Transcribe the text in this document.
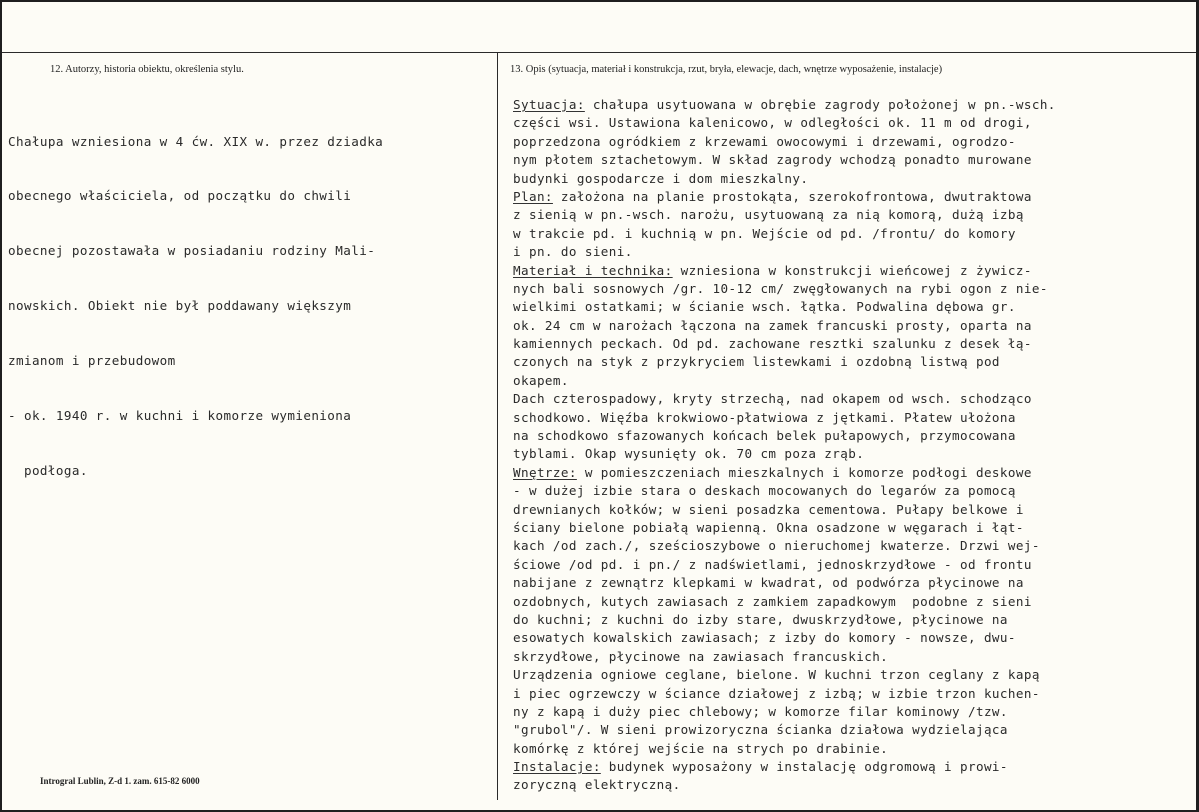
12. Autorzy, historia obiektu, określenia stylu.	13. Opis (sytuacja, materiał i konstrukcja, rzut, bryła, elewacje, dach, wnętrze wyposażenie, instalacje)

Chałupa wzniesiona w 4 ćw. XIX w. przez dziadka

obecnego właściciela, od początku do chwili

obecnej pozostawała w posiadaniu rodziny Mali-

nowskich. Obiekt nie był poddawany większym

zmianom i przebudowom

- ok. 1940 r. w kuchni i komorze wymieniona

podłoga.

Sytuacja: chałupa usytuowana w obrębie zagrody położonej w pn.-wsch.
części wsi. Ustawiona kalenicowo, w odległości ok. 11 m od drogi,
poprzedzona ogródkiem z krzewami owocowymi i drzewami, ogrodzo-
nym płotem sztachetowym. W skład zagrody wchodzą ponadto murowane
budynki gospodarcze i dom mieszkalny.
Plan: założona na planie prostokąta, szerokofrontowa, dwutraktowa
z sienią w pn.-wsch. narożu, usytuowaną za nią komorą, dużą izbą
w trakcie pd. i kuchnią w pn. Wejście od pd. /frontu/ do komory
i pn. do sieni.
Materiał i technika: wzniesiona w konstrukcji wieńcowej z żywicz-
nych bali sosnowych /gr. 10-12 cm/ zwęgłowanych na rybi ogon z nie-
wielkimi ostatkami; w ścianie wsch. łątka. Podwalina dębowa gr.
ok. 24 cm w narożach łączona na zamek francuski prosty, oparta na
kamiennych peckach. Od pd. zachowane resztki szalunku z desek łą-
czonych na styk z przykryciem listewkami i ozdobną listwą pod
okapem.
Dach czterospadowy, kryty strzechą, nad okapem od wsch. schodząco
schodkowo. Więźba krokwiowo-płatwiowa z jętkami. Płatew ułożona
na schodkowo sfazowanych końcach belek pułapowych, przymocowana
tyblami. Okap wysunięty ok. 70 cm poza zrąb.
Wnętrze: w pomieszczeniach mieszkalnych i komorze podłogi deskowe
- w dużej izbie stara o deskach mocowanych do legarów za pomocą
drewnianych kołków; w sieni posadzka cementowa. Pułapy belkowe i
ściany bielone pobiałą wapienną. Okna osadzone w węgarach i łąt-
kach /od zach./, sześcioszybowe o nieruchomej kwaterze. Drzwi wej-
ściowe /od pd. i pn./ z nadświetlami, jednoskrzydłowe - od frontu
nabijane z zewnątrz klepkami w kwadrat, od podwórza płycinowe na
ozdobnych, kutych zawiasach z zamkiem zapadkowym  podobne z sieni
do kuchni; z kuchni do izby stare, dwuskrzydłowe, płycinowe na
esowatych kowalskich zawiasach; z izby do komory - nowsze, dwu-
skrzydłowe, płycinowe na zawiasach francuskich.
Urządzenia ogniowe ceglane, bielone. W kuchni trzon ceglany z kapą
i piec ogrzewczy w ściance działowej z izbą; w izbie trzon kuchen-
ny z kapą i duży piec chlebowy; w komorze filar kominowy /tzw.
"grubol"/. W sieni prowizoryczna ścianka działowa wydzielająca
komórkę z której wejście na strych po drabinie.
Instalacje: budynek wyposażony w instalację odgromową i prowi-
zoryczną elektryczną.
Introgral Lublin, Z-d 1. zam. 615-82 6000
